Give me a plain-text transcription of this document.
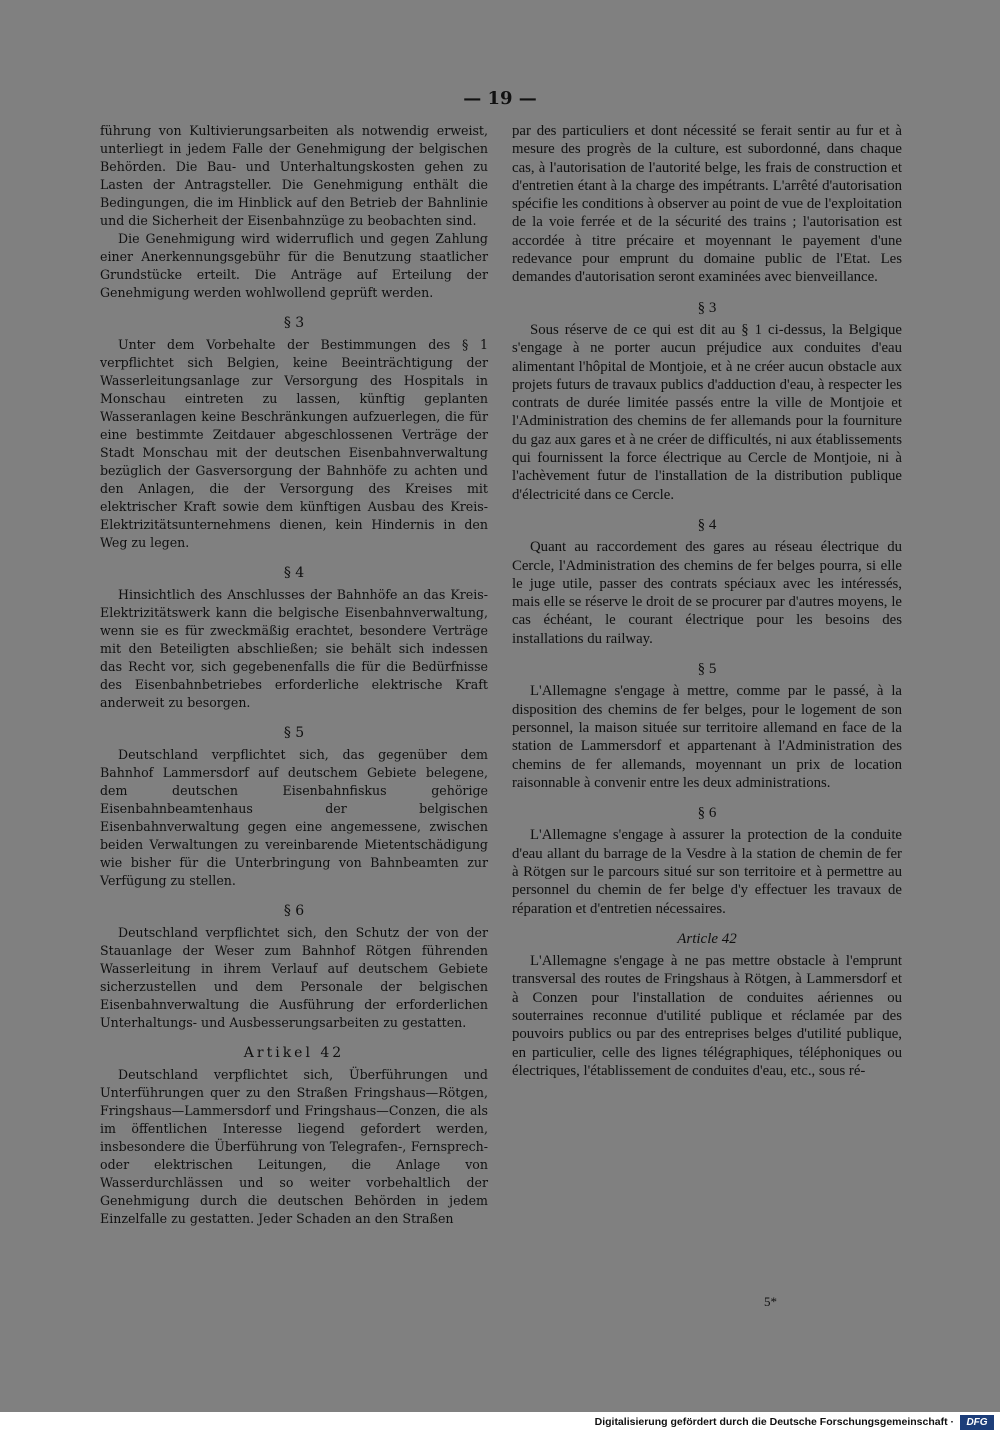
— 19 —

führung von Kultivierungsarbeiten als notwendig erweist, unterliegt in jedem Falle der Genehmigung der belgischen Behörden. Die Bau- und Unterhaltungskosten gehen zu Lasten der Antragsteller. Die Genehmigung enthält die Bedingungen, die im Hinblick auf den Betrieb der Bahnlinie und die Sicherheit der Eisenbahnzüge zu beobachten sind.

Die Genehmigung wird widerruflich und gegen Zahlung einer Anerkennungsgebühr für die Benutzung staatlicher Grundstücke erteilt. Die Anträge auf Erteilung der Genehmigung werden wohlwollend geprüft werden.

§ 3

Unter dem Vorbehalte der Bestimmungen des § 1 verpflichtet sich Belgien, keine Beeinträchtigung der Wasserleitungsanlage zur Versorgung des Hospitals in Monschau eintreten zu lassen, künftig geplanten Wasseranlagen keine Beschränkungen aufzuerlegen, die für eine bestimmte Zeitdauer abgeschlossenen Verträge der Stadt Monschau mit der deutschen Eisenbahnverwaltung bezüglich der Gasversorgung der Bahnhöfe zu achten und den Anlagen, die der Versorgung des Kreises mit elektrischer Kraft sowie dem künftigen Ausbau des Kreis-Elektrizitätsunternehmens dienen, kein Hindernis in den Weg zu legen.

§ 4

Hinsichtlich des Anschlusses der Bahnhöfe an das Kreis-Elektrizitätswerk kann die belgische Eisenbahnverwaltung, wenn sie es für zweckmäßig erachtet, besondere Verträge mit den Beteiligten abschließen; sie behält sich indessen das Recht vor, sich gegebenenfalls die für die Bedürfnisse des Eisenbahnbetriebes erforderliche elektrische Kraft anderweit zu besorgen.

§ 5

Deutschland verpflichtet sich, das gegenüber dem Bahnhof Lammersdorf auf deutschem Gebiete belegene, dem deutschen Eisenbahnfiskus gehörige Eisenbahnbeamtenhaus der belgischen Eisenbahnverwaltung gegen eine angemessene, zwischen beiden Verwaltungen zu vereinbarende Mietentschädigung wie bisher für die Unterbringung von Bahnbeamten zur Verfügung zu stellen.

§ 6

Deutschland verpflichtet sich, den Schutz der von der Stauanlage der Weser zum Bahnhof Rötgen führenden Wasserleitung in ihrem Verlauf auf deutschem Gebiete sicherzustellen und dem Personale der belgischen Eisenbahnverwaltung die Ausführung der erforderlichen Unterhaltungs- und Ausbesserungsarbeiten zu gestatten.

Artikel 42

Deutschland verpflichtet sich, Überführungen und Unterführungen quer zu den Straßen Fringshaus—Rötgen, Fringshaus—Lammersdorf und Fringshaus—Conzen, die als im öffentlichen Interesse liegend gefordert werden, insbesondere die Überführung von Telegrafen-, Fernsprech- oder elektrischen Leitungen, die Anlage von Wasserdurchlässen und so weiter vorbehaltlich der Genehmigung durch die deutschen Behörden in jedem Einzelfalle zu gestatten. Jeder Schaden an den Straßen

par des particuliers et dont nécessité se ferait sentir au fur et à mesure des progrès de la culture, est subordonné, dans chaque cas, à l'autorisation de l'autorité belge, les frais de construction et d'entretien étant à la charge des impétrants. L'arrêté d'autorisation spécifie les conditions à observer au point de vue de l'exploitation de la voie ferrée et de la sécurité des trains ; l'autorisation est accordée à titre précaire et moyennant le payement d'une redevance pour emprunt du domaine public de l'Etat. Les demandes d'autorisation seront examinées avec bienveillance.

§ 3

Sous réserve de ce qui est dit au § 1 ci-dessus, la Belgique s'engage à ne porter aucun préjudice aux conduites d'eau alimentant l'hôpital de Montjoie, et à ne créer aucun obstacle aux projets futurs de travaux publics d'adduction d'eau, à respecter les contrats de durée limitée passés entre la ville de Montjoie et l'Administration des chemins de fer allemands pour la fourniture du gaz aux gares et à ne créer de difficultés, ni aux établissements qui fournissent la force électrique au Cercle de Montjoie, ni à l'achèvement futur de l'installation de la distribution publique d'électricité dans ce Cercle.

§ 4

Quant au raccordement des gares au réseau électrique du Cercle, l'Administration des chemins de fer belges pourra, si elle le juge utile, passer des contrats spéciaux avec les intéressés, mais elle se réserve le droit de se procurer par d'autres moyens, le cas échéant, le courant électrique pour les besoins des installations du railway.

§ 5

L'Allemagne s'engage à mettre, comme par le passé, à la disposition des chemins de fer belges, pour le logement de son personnel, la maison située sur territoire allemand en face de la station de Lammersdorf et appartenant à l'Administration des chemins de fer allemands, moyennant un prix de location raisonnable à convenir entre les deux administrations.

§ 6

L'Allemagne s'engage à assurer la protection de la conduite d'eau allant du barrage de la Vesdre à la station de chemin de fer à Rötgen sur le parcours situé sur son territoire et à permettre au personnel du chemin de fer belge d'y effectuer les travaux de réparation et d'entretien nécessaires.

Article 42

L'Allemagne s'engage à ne pas mettre obstacle à l'emprunt transversal des routes de Fringshaus à Rötgen, à Lammersdorf et à Conzen pour l'installation de conduites aériennes ou souterraines reconnue d'utilité publique et réclamée par des pouvoirs publics ou par des entreprises belges d'utilité publique, en particulier, celle des lignes télégraphiques, téléphoniques ou électriques, l'établissement de conduites d'eau, etc., sous ré-

5*
Digitalisierung gefördert durch die Deutsche Forschungsgemeinschaft ·	DFG
